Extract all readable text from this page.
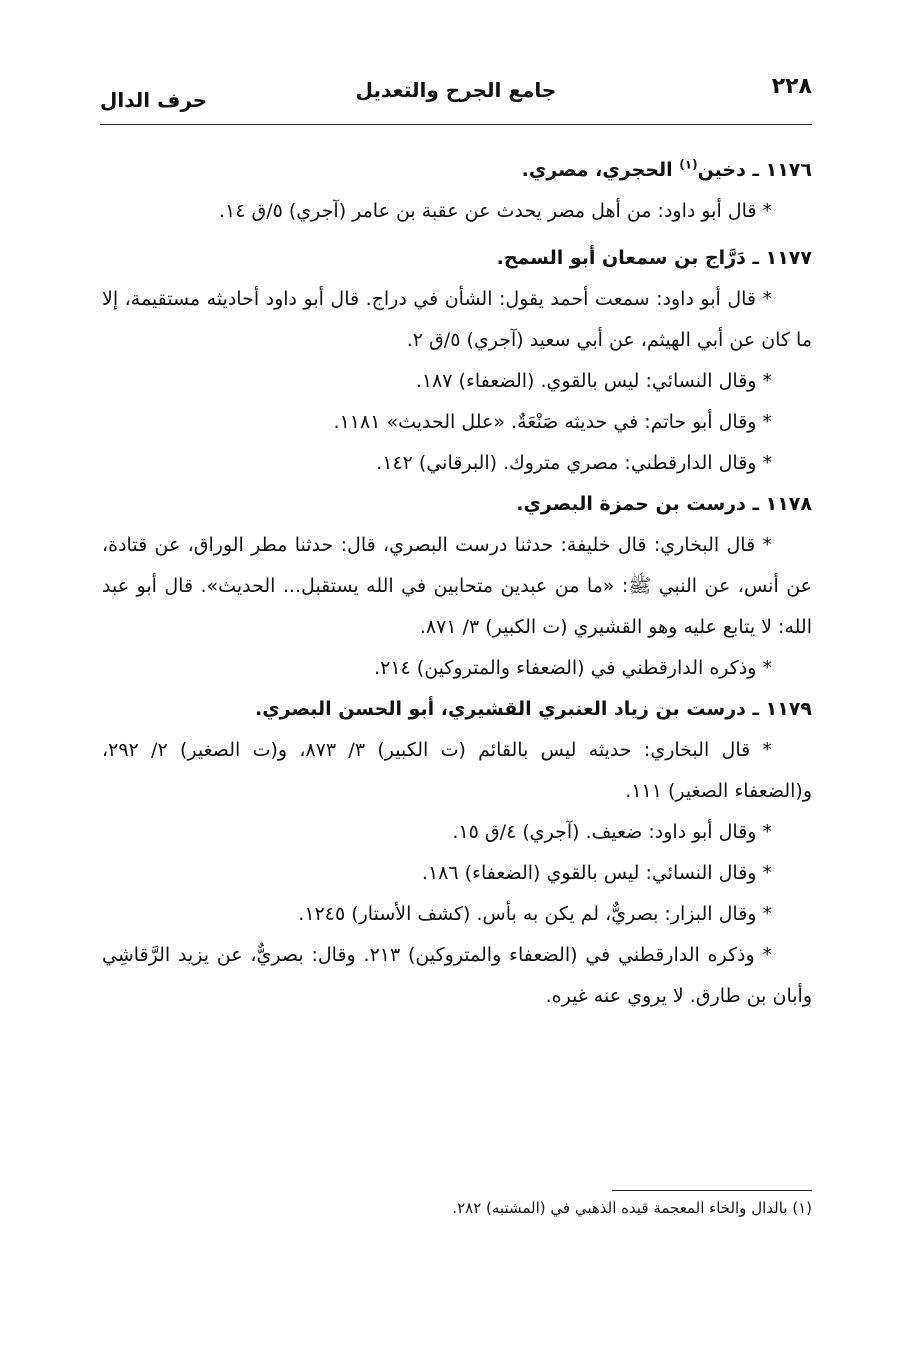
٢٢٨
جامع الجرح والتعديل
حرف الدال

١١٧٦ ـ دخين$^{(١)}$ الحجري، مصري.

* قال أبو داود: من أهل مصر يحدث عن عقبة بن عامر (آجري) ٥/ق ١٤.

١١٧٧ ـ دَرَّاج بن سمعان أبو السمح.

* قال أبو داود: سمعت أحمد يقول: الشأن في دراج. قال أبو داود أحاديثه مستقيمة، إلا ما كان عن أبي الهيثم، عن أبي سعيد (آجري) ٥/ق ٢.

* وقال النسائي: ليس بالقوي. (الضعفاء) ١٨٧.

* وقال أبو حاتم: في حديثه صَنْعَةٌ. «علل الحديث» ١١٨١.

* وقال الدارقطني: مصري متروك. (البرقاني) ١٤٢.

١١٧٨ ـ درست بن حمزة البصري.

* قال البخاري: قال خليفة: حدثنا درست البصري، قال: حدثنا مطر الوراق، عن قتادة، عن أنس، عن النبي ﷺ: «ما من عبدين متحابين في الله يستقبل... الحديث». قال أبو عبد الله: لا يتابع عليه وهو القشيري (ت الكبير) ٣/ ٨٧١.

* وذكره الدارقطني في (الضعفاء والمتروكين) ٢١٤.

١١٧٩ ـ درست بن زياد العنبري القشيري، أبو الحسن البصري.

* قال البخاري: حديثه ليس بالقائم (ت الكبير) ٣/ ٨٧٣، و(ت الصغير) ٢/ ٢٩٢، و(الضعفاء الصغير) ١١١.

* وقال أبو داود: ضعيف. (آجري) ٤/ق ١٥.

* وقال النسائي: ليس بالقوي (الضعفاء) ١٨٦.

* وقال البزار: بصريٌّ، لم يكن به بأس. (كشف الأستار) ١٢٤٥.

* وذكره الدارقطني في (الضعفاء والمتروكين) ٢١٣. وقال: بصريٌّ، عن يزيد الرَّقاشِي وأبان بن طارق. لا يروي عنه غيره.

(١) بالدال والخاء المعجمة قيده الذهبي في (المشتبه) ٢٨٢.
